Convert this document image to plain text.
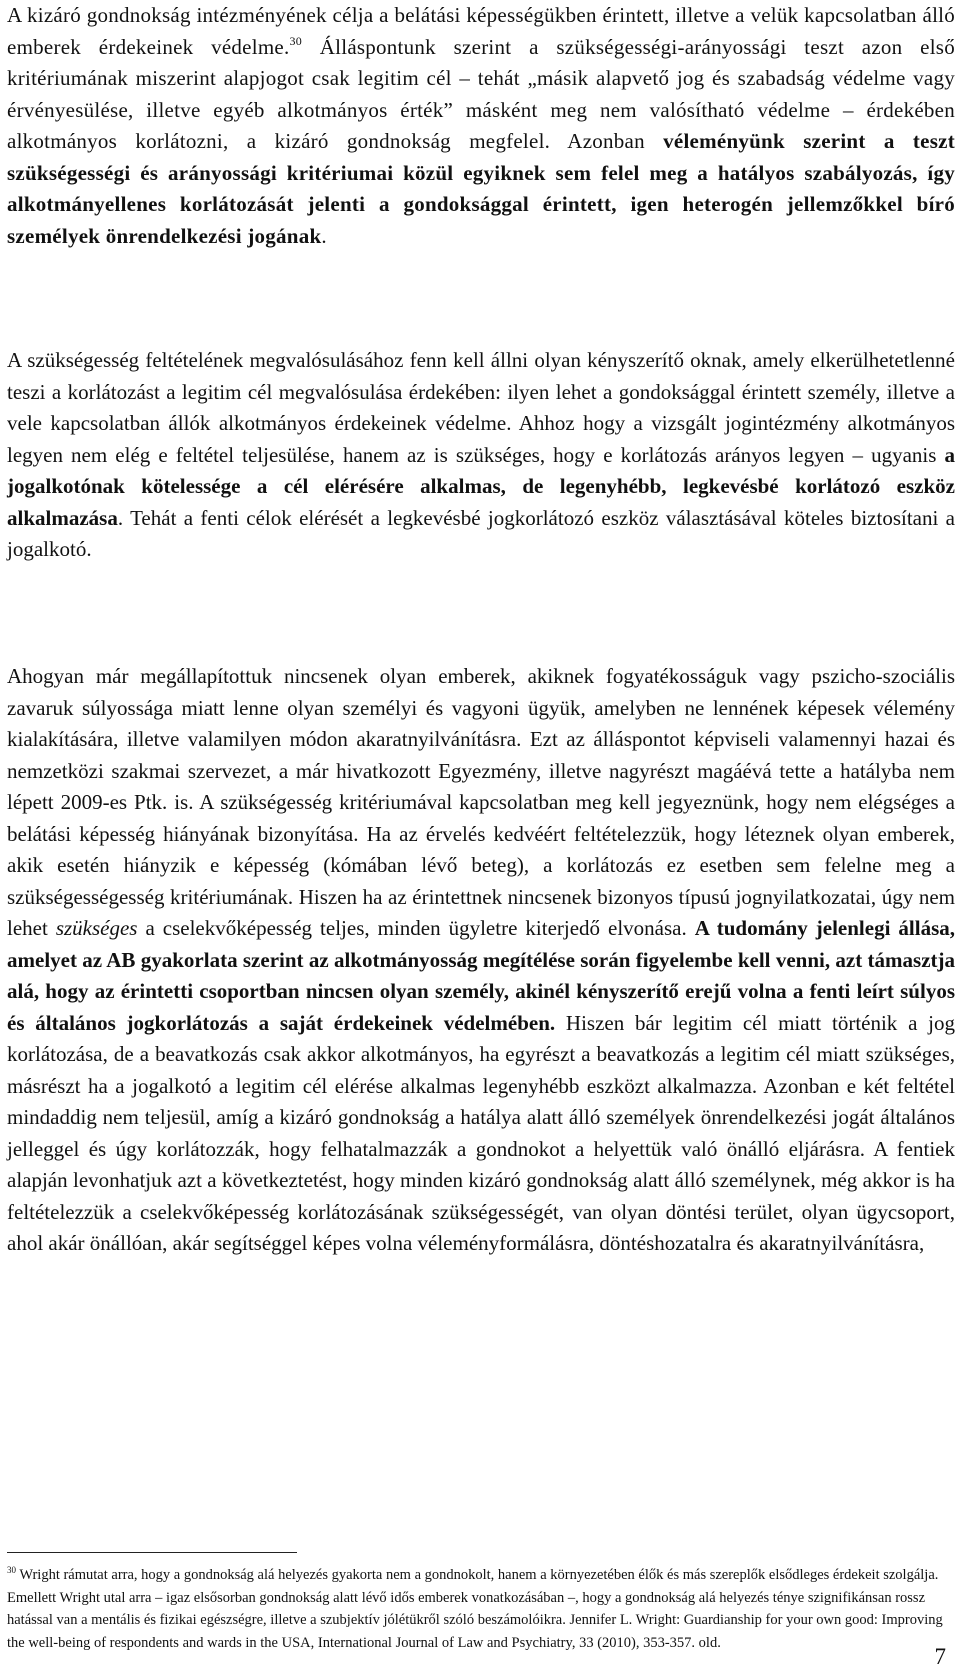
A kizáró gondnokság intézményének célja a belátási képességükben érintett, illetve a velük kapcsolatban álló emberek érdekeinek védelme.$^{30}$ Álláspontunk szerint a szükségességi-arányossági teszt azon első kritériumának miszerint alapjogot csak legitim cél – tehát „másik alapvető jog és szabadság védelme vagy érvényesülése, illetve egyéb alkotmányos érték” másként meg nem valósítható védelme – érdekében alkotmányos korlátozni, a kizáró gondnokság megfelel. Azonban véleményünk szerint a teszt szükségességi és arányossági kritériumai közül egyiknek sem felel meg a hatályos szabályozás, így alkotmányellenes korlátozását jelenti a gondoksággal érintett, igen heterogén jellemzőkkel bíró személyek önrendelkezési jogának.

A szükségesség feltételének megvalósulásához fenn kell állni olyan kényszerítő oknak, amely elkerülhetetlenné teszi a korlátozást a legitim cél megvalósulása érdekében: ilyen lehet a gondoksággal érintett személy, illetve a vele kapcsolatban állók alkotmányos érdekeinek védelme. Ahhoz hogy a vizsgált jogintézmény alkotmányos legyen nem elég e feltétel teljesülése, hanem az is szükséges, hogy e korlátozás arányos legyen – ugyanis a jogalkotónak kötelessége a cél elérésére alkalmas, de legenyhébb, legkevésbé korlátozó eszköz alkalmazása. Tehát a fenti célok elérését a legkevésbé jogkorlátozó eszköz választásával köteles biztosítani a jogalkotó.

Ahogyan már megállapítottuk nincsenek olyan emberek, akiknek fogyatékosságuk vagy pszicho-szociális zavaruk súlyossága miatt lenne olyan személyi és vagyoni ügyük, amelyben ne lennének képesek vélemény kialakítására, illetve valamilyen módon akaratnyilvánításra. Ezt az álláspontot képviseli valamennyi hazai és nemzetközi szakmai szervezet, a már hivatkozott Egyezmény, illetve nagyrészt magáévá tette a hatályba nem lépett 2009-es Ptk. is. A szükségesség kritériumával kapcsolatban meg kell jegyeznünk, hogy nem elégséges a belátási képesség hiányának bizonyítása. Ha az érvelés kedvéért feltételezzük, hogy léteznek olyan emberek, akik esetén hiányzik e képesség (kómában lévő beteg), a korlátozás ez esetben sem felelne meg a szükségességesség kritériumának. Hiszen ha az érintettnek nincsenek bizonyos típusú jognyilatkozatai, úgy nem lehet szükséges a cselekvőképesség teljes, minden ügyletre kiterjedő elvonása. A tudomány jelenlegi állása, amelyet az AB gyakorlata szerint az alkotmányosság megítélése során figyelembe kell venni, azt támasztja alá, hogy az érintetti csoportban nincsen olyan személy, akinél kényszerítő erejű volna a fenti leírt súlyos és általános jogkorlátozás a saját érdekeinek védelmében. Hiszen bár legitim cél miatt történik a jog korlátozása, de a beavatkozás csak akkor alkotmányos, ha egyrészt a beavatkozás a legitim cél miatt szükséges, másrészt ha a jogalkotó a legitim cél elérése alkalmas legenyhébb eszközt alkalmazza. Azonban e két feltétel mindaddig nem teljesül, amíg a kizáró gondnokság a hatálya alatt álló személyek önrendelkezési jogát általános jelleggel és úgy korlátozzák, hogy felhatalmazzák a gondnokot a helyettük való önálló eljárásra. A fentiek alapján levonhatjuk azt a következtetést, hogy minden kizáró gondnokság alatt álló személynek, még akkor is ha feltételezzük a cselekvőképesség korlátozásának szükségességét, van olyan döntési terület, olyan ügycsoport, ahol akár önállóan, akár segítséggel képes volna véleményformálásra, döntéshozatalra és akaratnyilvánításra,

$^{30}$ Wright rámutat arra, hogy a gondnokság alá helyezés gyakorta nem a gondnokolt, hanem a környezetében élők és más szereplők elsődleges érdekeit szolgálja. Emellett Wright utal arra – igaz elsősorban gondnokság alatt lévő idős emberek vonatkozásában –, hogy a gondnokság alá helyezés ténye szignifikánsan rossz hatással van a mentális és fizikai egészségre, illetve a szubjektív jólétükről szóló beszámolóikra. Jennifer L. Wright: Guardianship for your own good: Improving the well-being of respondents and wards in the USA, International Journal of Law and Psychiatry, 33 (2010), 353-357. old.

7
